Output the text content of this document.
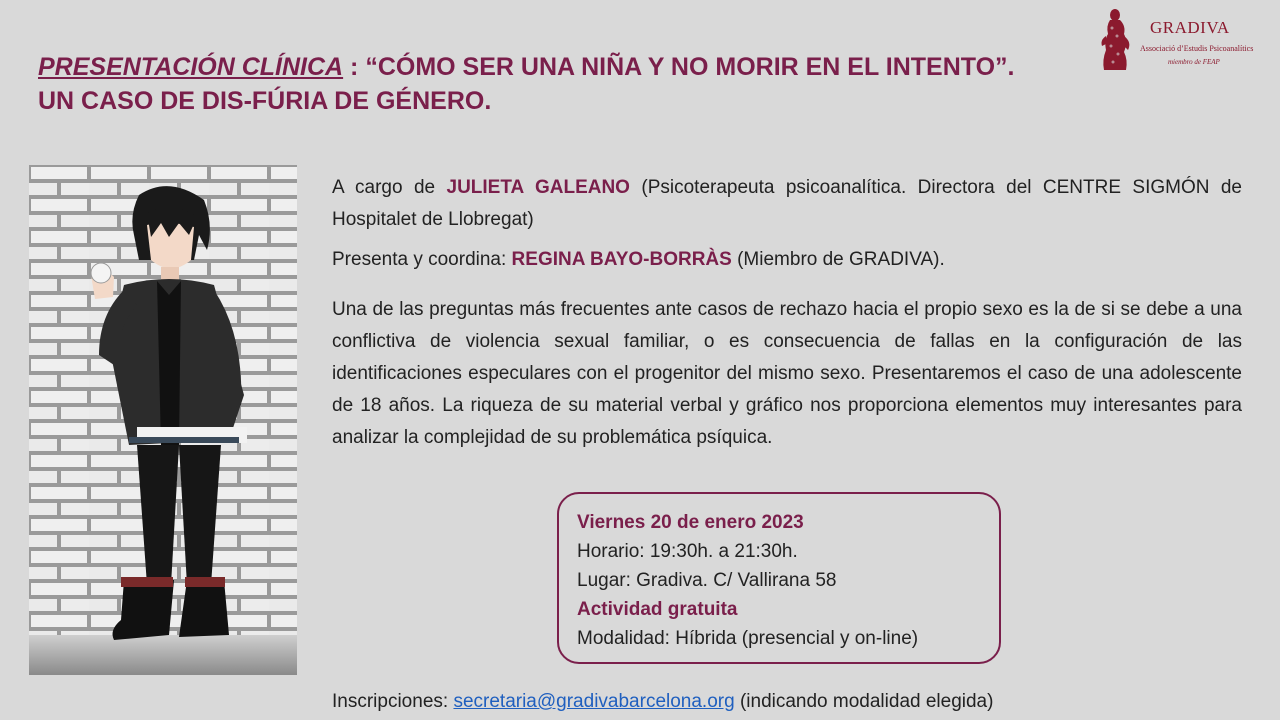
PRESENTACIÓN CLÍNICA : “CÓMO SER UNA NIÑA Y NO MORIR EN EL INTENTO”.
UN CASO DE DIS-FÚRIA DE GÉNERO.
GRADIVA
Associació d’Estudis Psicoanalítics
miembro de FEAP

A cargo de JULIETA GALEANO (Psicoterapeuta psicoanalítica. Directora del CENTRE SIGMÓN de Hospitalet de Llobregat)

Presenta y coordina: REGINA BAYO-BORRÀS (Miembro de GRADIVA).

Una de las preguntas más frecuentes ante casos de rechazo hacia el propio sexo es la de si se debe a una conflictiva de violencia sexual familiar, o es consecuencia de fallas en la configuración de las identificaciones especulares con el progenitor del mismo sexo. Presentaremos el caso de una adolescente de 18 años. La riqueza de su material verbal y gráfico nos proporciona elementos muy interesantes para analizar la complejidad de su problemática psíquica.

Viernes 20 de enero 2023
Horario: 19:30h. a 21:30h.
Lugar: Gradiva. C/ Vallirana 58
Actividad gratuita
Modalidad: Híbrida (presencial y on-line)
Inscripciones: secretaria@gradivabarcelona.org (indicando modalidad elegida)
